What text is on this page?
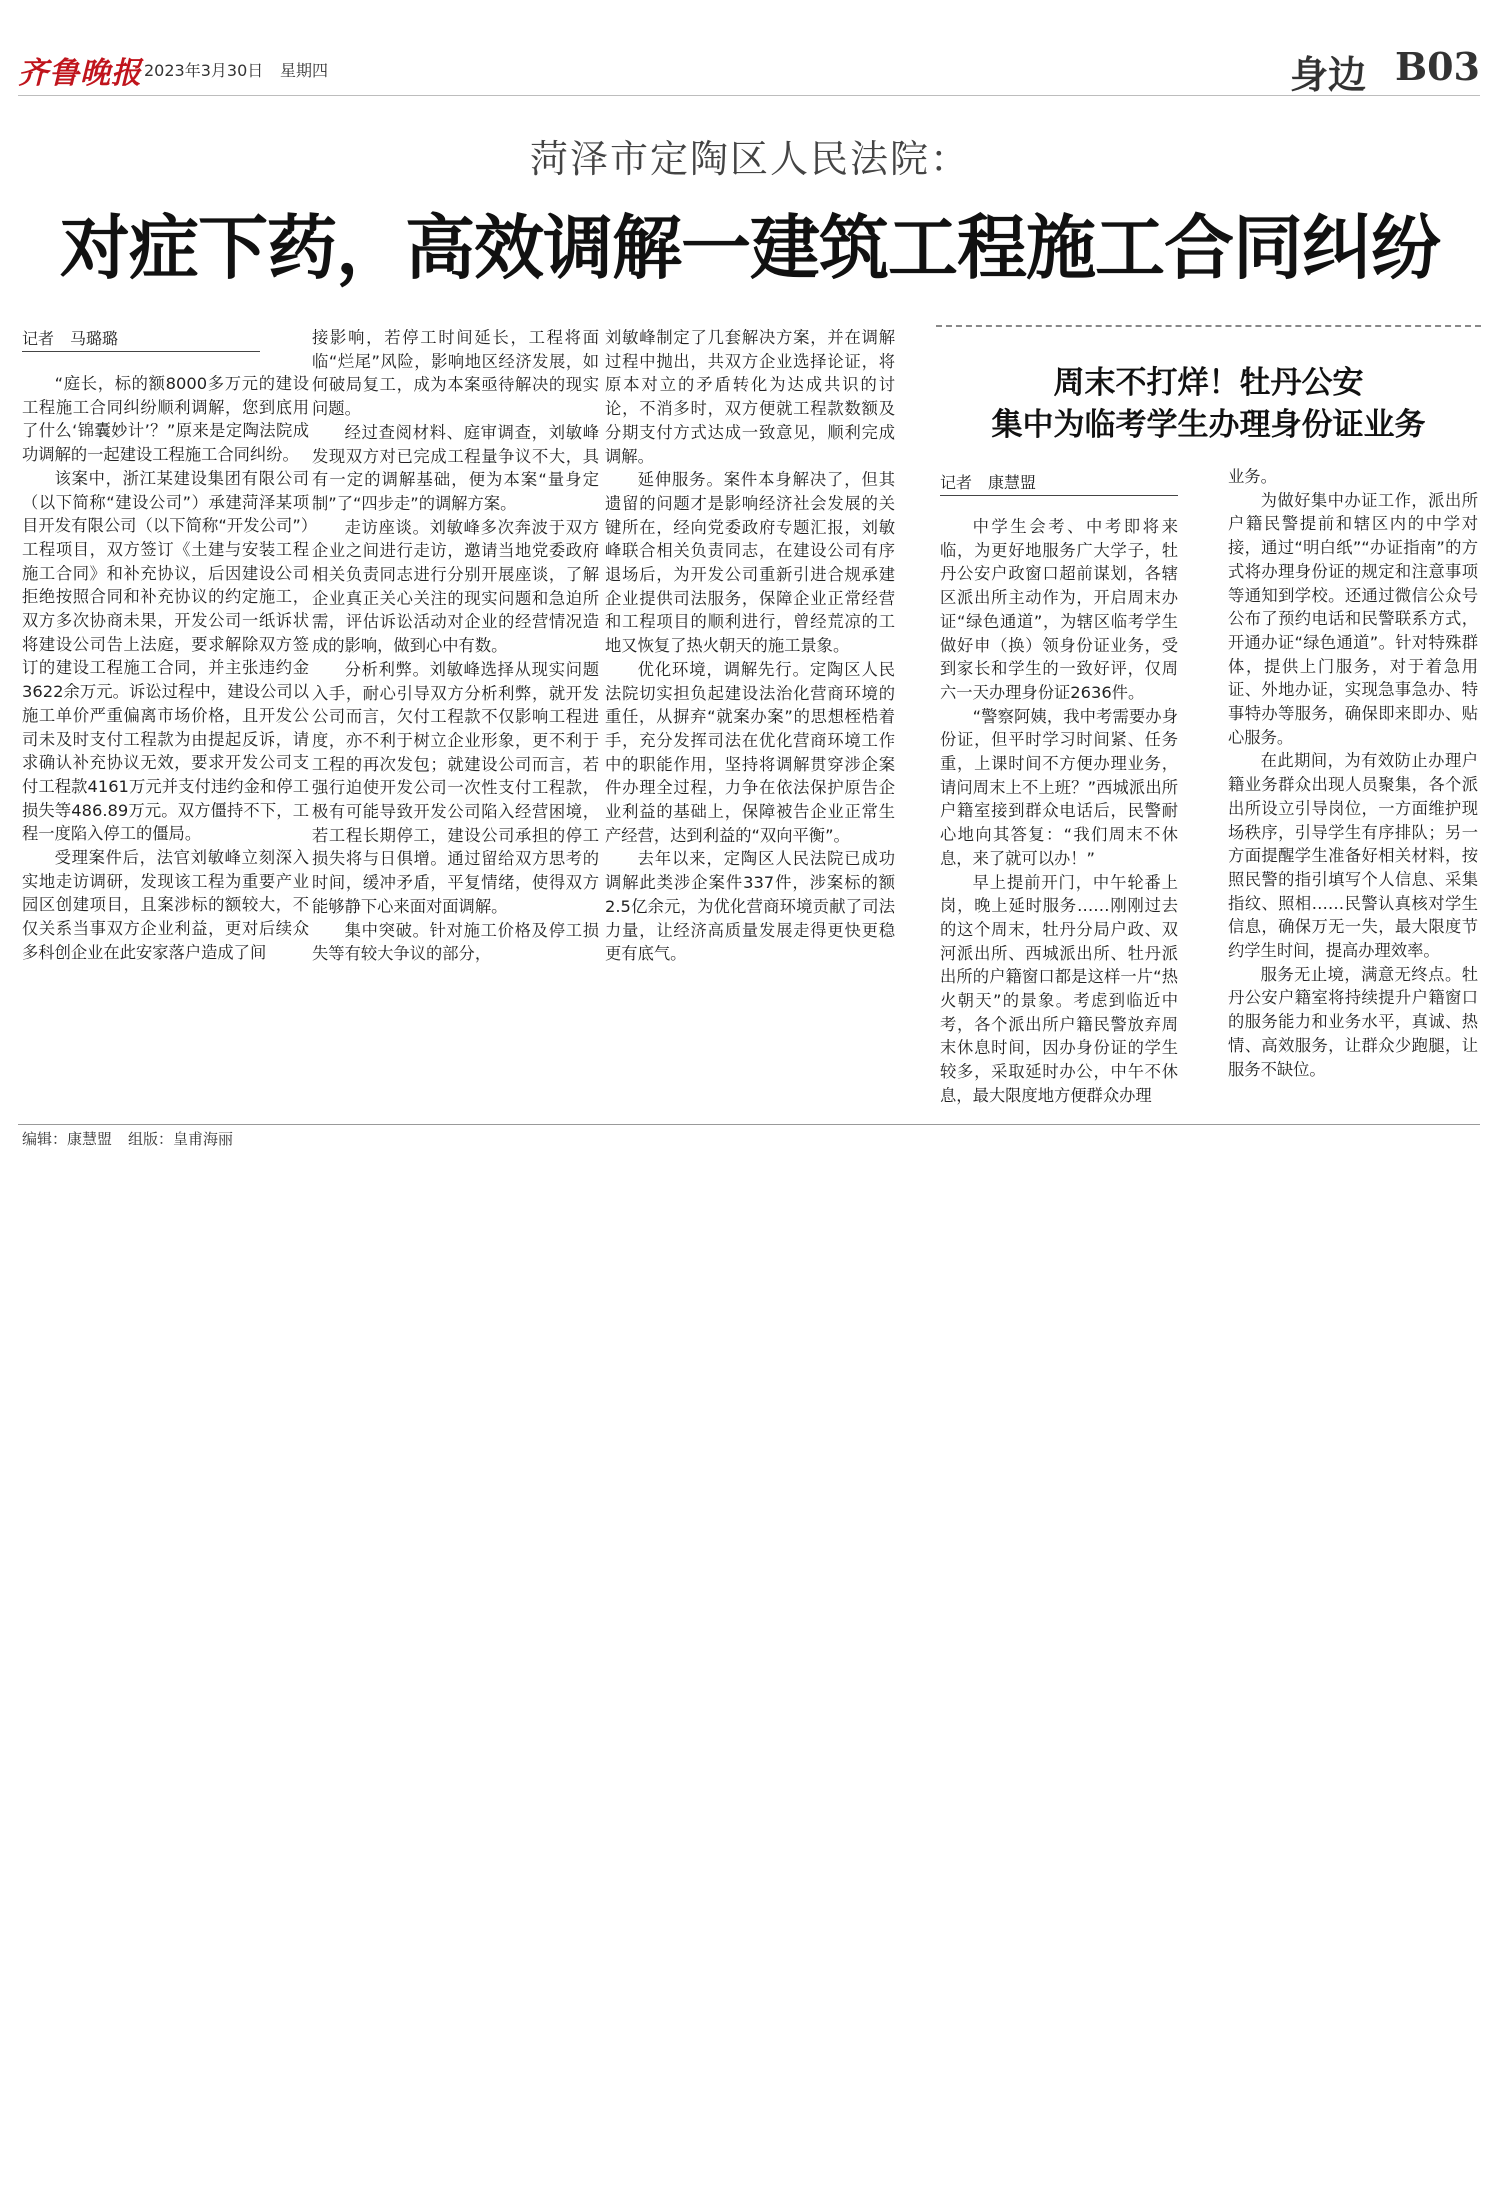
齐鲁晚报 2023年3月30日 星期四	身边 B03
菏泽市定陶区人民法院：
对症下药，高效调解一建筑工程施工合同纠纷
记者 马璐璐

“庭长，标的额8000多万元的建设工程施工合同纠纷顺利调解，您到底用了什么‘锦囊妙计’？”原来是定陶法院成功调解的一起建设工程施工合同纠纷。

该案中，浙江某建设集团有限公司（以下简称“建设公司”）承建菏泽某项目开发有限公司（以下简称“开发公司”）工程项目，双方签订《土建与安装工程施工合同》和补充协议，后因建设公司拒绝按照合同和补充协议的约定施工，双方多次协商未果，开发公司一纸诉状将建设公司告上法庭，要求解除双方签订的建设工程施工合同，并主张违约金3622余万元。诉讼过程中，建设公司以施工单价严重偏离市场价格，且开发公司未及时支付工程款为由提起反诉，请求确认补充协议无效，要求开发公司支付工程款4161万元并支付违约金和停工损失等486.89万元。双方僵持不下，工程一度陷入停工的僵局。

受理案件后，法官刘敏峰立刻深入实地走访调研，发现该工程为重要产业园区创建项目，且案涉标的额较大，不仅关系当事双方企业利益，更对后续众多科创企业在此安家落户造成了间

接影响，若停工时间延长，工程将面临“烂尾”风险，影响地区经济发展，如何破局复工，成为本案亟待解决的现实问题。

经过查阅材料、庭审调查，刘敏峰发现双方对已完成工程量争议不大，具有一定的调解基础，便为本案“量身定制”了“四步走”的调解方案。

走访座谈。刘敏峰多次奔波于双方企业之间进行走访，邀请当地党委政府相关负责同志进行分别开展座谈，了解企业真正关心关注的现实问题和急迫所需，评估诉讼活动对企业的经营情况造成的影响，做到心中有数。

分析利弊。刘敏峰选择从现实问题入手，耐心引导双方分析利弊，就开发公司而言，欠付工程款不仅影响工程进度，亦不利于树立企业形象，更不利于工程的再次发包；就建设公司而言，若强行迫使开发公司一次性支付工程款，极有可能导致开发公司陷入经营困境，若工程长期停工，建设公司承担的停工损失将与日俱增。通过留给双方思考的时间，缓冲矛盾，平复情绪，使得双方能够静下心来面对面调解。

集中突破。针对施工价格及停工损失等有较大争议的部分，

刘敏峰制定了几套解决方案，并在调解过程中抛出，共双方企业选择论证，将原本对立的矛盾转化为达成共识的讨论，不消多时，双方便就工程款数额及分期支付方式达成一致意见，顺利完成调解。

延伸服务。案件本身解决了，但其遗留的问题才是影响经济社会发展的关键所在，经向党委政府专题汇报，刘敏峰联合相关负责同志，在建设公司有序退场后，为开发公司重新引进合规承建企业提供司法服务，保障企业正常经营和工程项目的顺利进行，曾经荒凉的工地又恢复了热火朝天的施工景象。

优化环境，调解先行。定陶区人民法院切实担负起建设法治化营商环境的重任，从摒弃“就案办案”的思想桎梏着手，充分发挥司法在优化营商环境工作中的职能作用，坚持将调解贯穿涉企案件办理全过程，力争在依法保护原告企业利益的基础上，保障被告企业正常生产经营，达到利益的“双向平衡”。

去年以来，定陶区人民法院已成功调解此类涉企案件337件，涉案标的额2.5亿余元，为优化营商环境贡献了司法力量，让经济高质量发展走得更快更稳更有底气。

周末不打烊！牡丹公安
集中为临考学生办理身份证业务
记者 康慧盟

中学生会考、中考即将来临，为更好地服务广大学子，牡丹公安户政窗口超前谋划，各辖区派出所主动作为，开启周末办证“绿色通道”，为辖区临考学生做好申（换）领身份证业务，受到家长和学生的一致好评，仅周六一天办理身份证2636件。

“警察阿姨，我中考需要办身份证，但平时学习时间紧、任务重，上课时间不方便办理业务，请问周末上不上班？”西城派出所户籍室接到群众电话后，民警耐心地向其答复：“我们周末不休息，来了就可以办！”

早上提前开门，中午轮番上岗，晚上延时服务……刚刚过去的这个周末，牡丹分局户政、双河派出所、西城派出所、牡丹派出所的户籍窗口都是这样一片“热火朝天”的景象。考虑到临近中考，各个派出所户籍民警放弃周末休息时间，因办身份证的学生较多，采取延时办公，中午不休息，最大限度地方便群众办理

业务。

为做好集中办证工作，派出所户籍民警提前和辖区内的中学对接，通过“明白纸”“办证指南”的方式将办理身份证的规定和注意事项等通知到学校。还通过微信公众号公布了预约电话和民警联系方式，开通办证“绿色通道”。针对特殊群体，提供上门服务，对于着急用证、外地办证，实现急事急办、特事特办等服务，确保即来即办、贴心服务。

在此期间，为有效防止办理户籍业务群众出现人员聚集，各个派出所设立引导岗位，一方面维护现场秩序，引导学生有序排队；另一方面提醒学生准备好相关材料，按照民警的指引填写个人信息、采集指纹、照相……民警认真核对学生信息，确保万无一失，最大限度节约学生时间，提高办理效率。

服务无止境，满意无终点。牡丹公安户籍室将持续提升户籍窗口的服务能力和业务水平，真诚、热情、高效服务，让群众少跑腿，让服务不缺位。

编辑：康慧盟 组版：皇甫海丽
